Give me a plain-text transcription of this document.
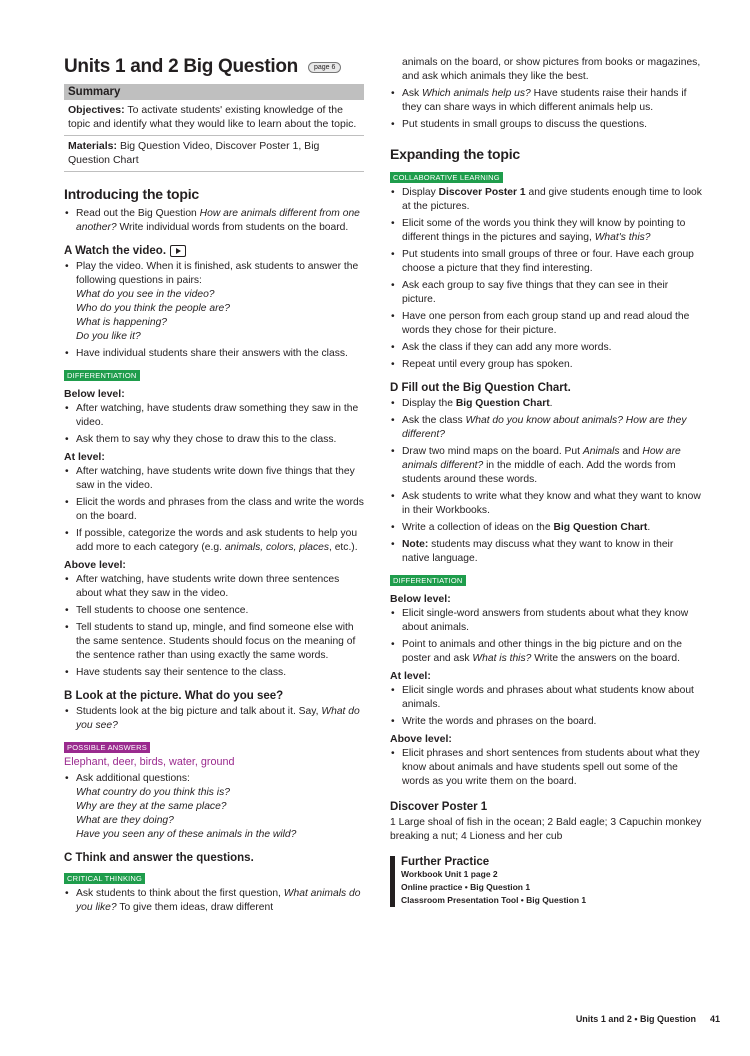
Units 1 and 2 Big Question	page 6
Summary
Objectives: To activate students' existing knowledge of the topic and identify what they would like to learn about the topic.
Materials: Big Question Video, Discover Poster 1, Big Question Chart
Introducing the topic
• Read out the Big Question How are animals different from one another? Write individual words from students on the board.
A Watch the video.
• Play the video. When it is finished, ask students to answer the following questions in pairs:
What do you see in the video?
Who do you think the people are?
What is happening?
Do you like it?
• Have individual students share their answers with the class.
DIFFERENTIATION
Below level:
• After watching, have students draw something they saw in the video.
• Ask them to say why they chose to draw this to the class.
At level:
• After watching, have students write down five things that they saw in the video.
• Elicit the words and phrases from the class and write the words on the board.
• If possible, categorize the words and ask students to help you add more to each category (e.g. animals, colors, places, etc.).
Above level:
• After watching, have students write down three sentences about what they saw in the video.
• Tell students to choose one sentence.
• Tell students to stand up, mingle, and find someone else with the same sentence. Students should focus on the meaning of the sentence rather than using exactly the same words.
• Have students say their sentence to the class.
B Look at the picture. What do you see?
• Students look at the big picture and talk about it. Say, What do you see?
POSSIBLE ANSWERS
Elephant, deer, birds, water, ground
• Ask additional questions:
What country do you think this is?
Why are they at the same place?
What are they doing?
Have you seen any of these animals in the wild?
C Think and answer the questions.
CRITICAL THINKING
• Ask students to think about the first question, What animals do you like? To give them ideas, draw different
animals on the board, or show pictures from books or magazines, and ask which animals they like the best.
• Ask Which animals help us? Have students raise their hands if they can share ways in which different animals help us.
• Put students in small groups to discuss the questions.
Expanding the topic
COLLABORATIVE LEARNING
• Display Discover Poster 1 and give students enough time to look at the pictures.
• Elicit some of the words you think they will know by pointing to different things in the pictures and saying, What's this?
• Put students into small groups of three or four. Have each group choose a picture that they find interesting.
• Ask each group to say five things that they can see in their picture.
• Have one person from each group stand up and read aloud the words they chose for their picture.
• Ask the class if they can add any more words.
• Repeat until every group has spoken.
D Fill out the Big Question Chart.
• Display the Big Question Chart.
• Ask the class What do you know about animals? How are they different?
• Draw two mind maps on the board. Put Animals and How are animals different? in the middle of each. Add the words from students around these words.
• Ask students to write what they know and what they want to know in their Workbooks.
• Write a collection of ideas on the Big Question Chart.
• Note: students may discuss what they want to know in their native language.
DIFFERENTIATION
Below level:
• Elicit single-word answers from students about what they know about animals.
• Point to animals and other things in the big picture and on the poster and ask What is this? Write the answers on the board.
At level:
• Elicit single words and phrases about what students know about animals.
• Write the words and phrases on the board.
Above level:
• Elicit phrases and short sentences from students about what they know about animals and have students spell out some of the words as you write them on the board.
Discover Poster 1
1 Large shoal of fish in the ocean; 2 Bald eagle; 3 Capuchin monkey breaking a nut; 4 Lioness and her cub
Further Practice
Workbook Unit 1 page 2
Online practice • Big Question 1
Classroom Presentation Tool • Big Question 1
Units 1 and 2 • Big Question 41
